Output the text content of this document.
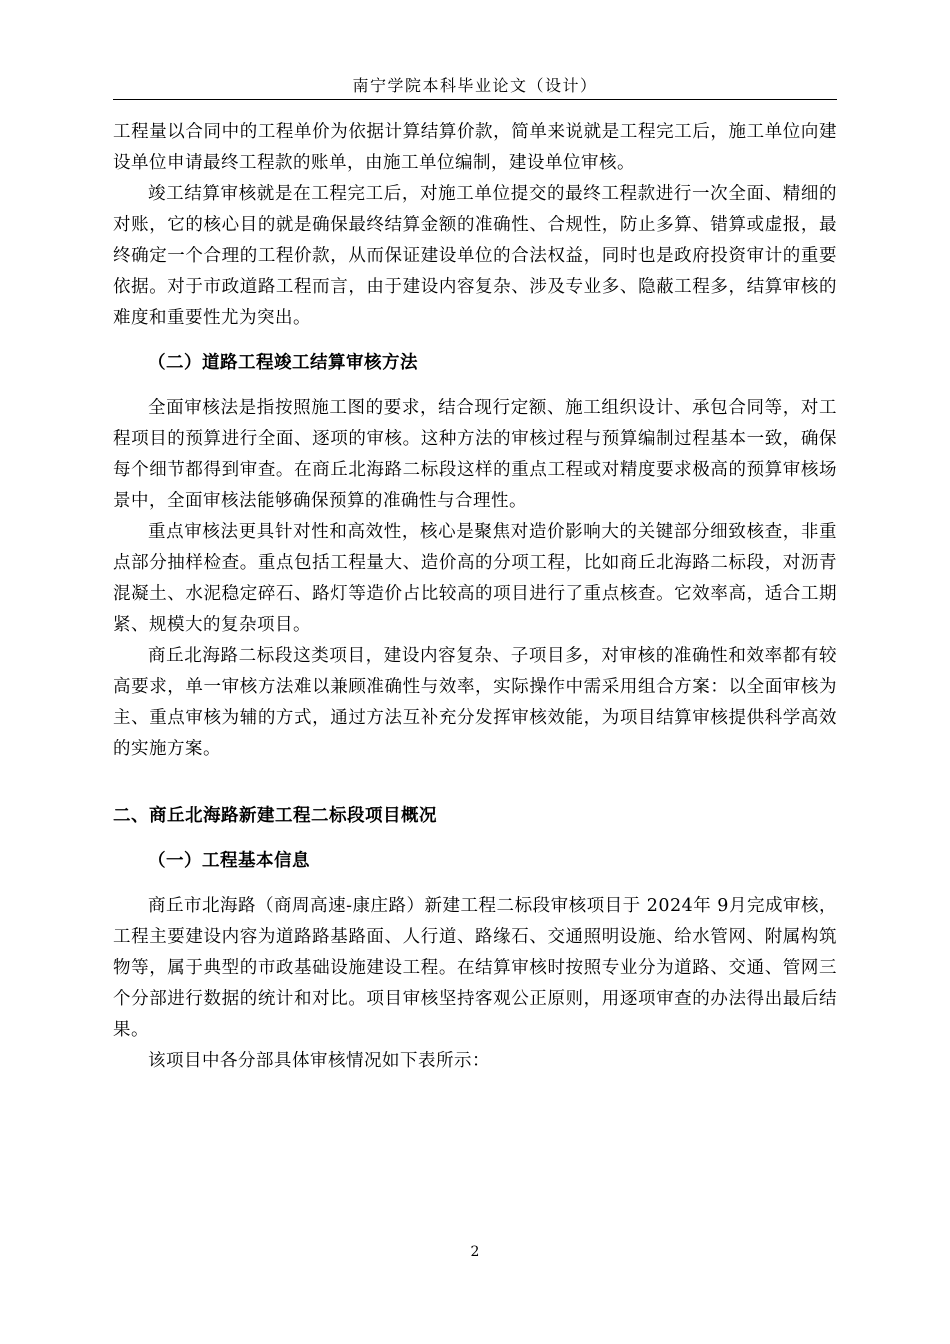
南宁学院本科毕业论文（设计）

工程量以合同中的工程单价为依据计算结算价款，简单来说就是工程完工后，施工单位向建设单位申请最终工程款的账单，由施工单位编制，建设单位审核。

竣工结算审核就是在工程完工后，对施工单位提交的最终工程款进行一次全面、精细的对账，它的核心目的就是确保最终结算金额的准确性、合规性，防止多算、错算或虚报，最终确定一个合理的工程价款，从而保证建设单位的合法权益，同时也是政府投资审计的重要依据。对于市政道路工程而言，由于建设内容复杂、涉及专业多、隐蔽工程多，结算审核的难度和重要性尤为突出。

（二）道路工程竣工结算审核方法

全面审核法是指按照施工图的要求，结合现行定额、施工组织设计、承包合同等，对工程项目的预算进行全面、逐项的审核。这种方法的审核过程与预算编制过程基本一致，确保每个细节都得到审查。在商丘北海路二标段这样的重点工程或对精度要求极高的预算审核场景中，全面审核法能够确保预算的准确性与合理性。

重点审核法更具针对性和高效性，核心是聚焦对造价影响大的关键部分细致核查，非重点部分抽样检查。重点包括工程量大、造价高的分项工程，比如商丘北海路二标段，对沥青混凝土、水泥稳定碎石、路灯等造价占比较高的项目进行了重点核查。它效率高，适合工期紧、规模大的复杂项目。

商丘北海路二标段这类项目，建设内容复杂、子项目多，对审核的准确性和效率都有较高要求，单一审核方法难以兼顾准确性与效率，实际操作中需采用组合方案：以全面审核为主、重点审核为辅的方式，通过方法互补充分发挥审核效能，为项目结算审核提供科学高效的实施方案。

二、商丘北海路新建工程二标段项目概况

（一）工程基本信息

商丘市北海路（商周高速-康庄路）新建工程二标段审核项目于 2024年 9月完成审核，工程主要建设内容为道路路基路面、人行道、路缘石、交通照明设施、给水管网、附属构筑物等，属于典型的市政基础设施建设工程。在结算审核时按照专业分为道路、交通、管网三个分部进行数据的统计和对比。项目审核坚持客观公正原则，用逐项审查的办法得出最后结果。

该项目中各分部具体审核情况如下表所示：

2
